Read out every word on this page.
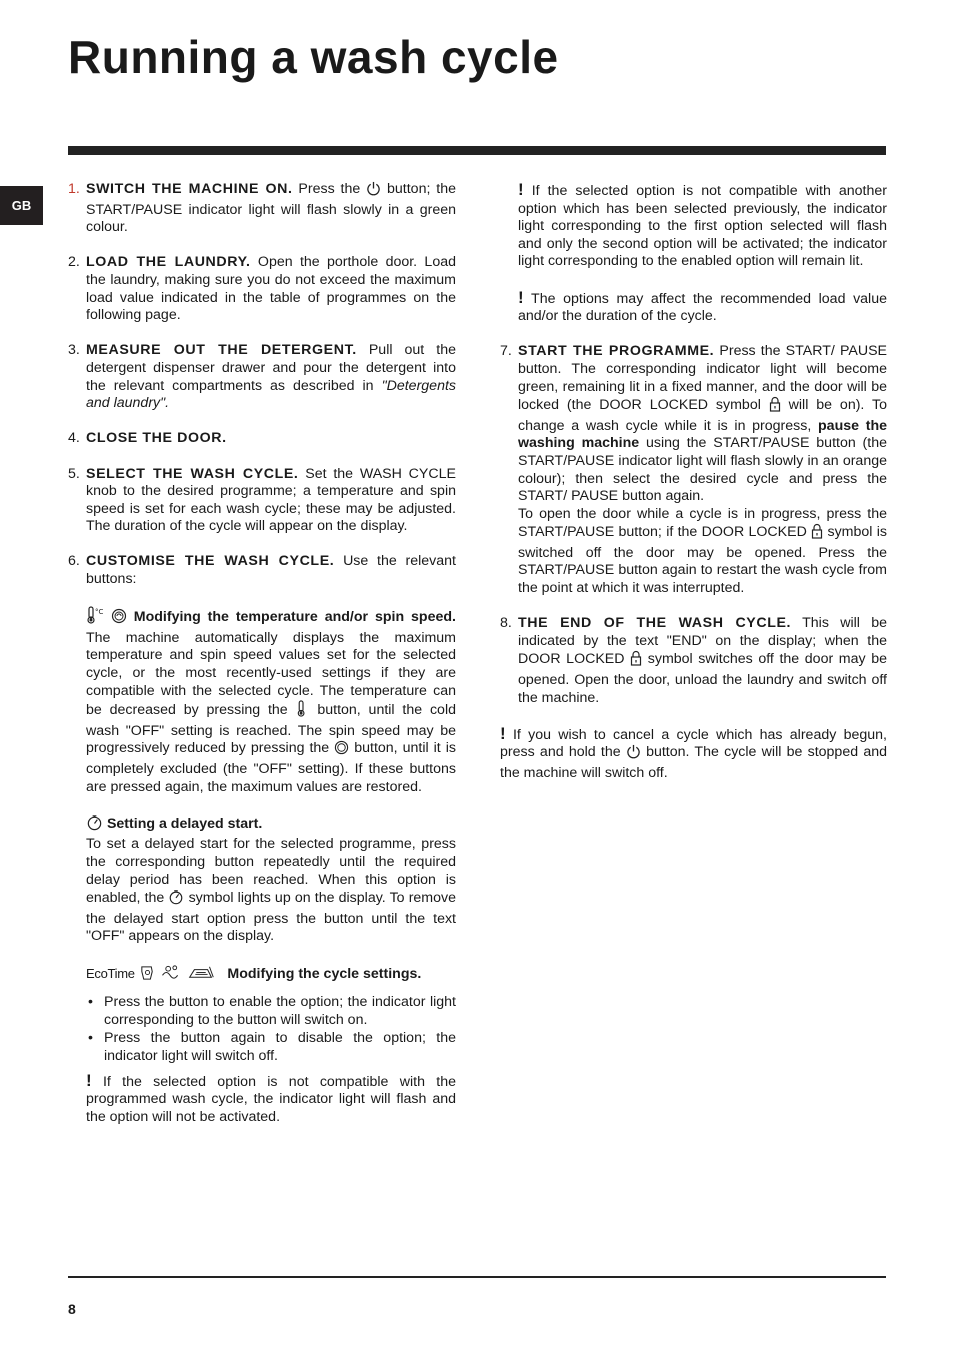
Running a wash cycle
GB

1. SWITCH THE MACHINE ON. Press the  button; the START/PAUSE indicator light will flash slowly in a green colour.

2. LOAD THE LAUNDRY. Open the porthole door. Load the laundry, making sure you do not exceed the maximum load value indicated in the table of programmes on the following page.

3. MEASURE OUT THE DETERGENT. Pull out the detergent dispenser drawer and pour the detergent into the relevant compartments as described in "Detergents and laundry".

4. CLOSE THE DOOR.

5. SELECT THE WASH CYCLE. Set the WASH CYCLE knob to the desired programme; a temperature and spin speed is set for each wash cycle; these may be adjusted. The duration of the cycle will appear on the display.

6. CUSTOMISE THE WASH CYCLE. Use the relevant buttons:

°C Modifying the temperature and/or spin speed. The machine automatically displays the maximum temperature and spin speed values set for the selected cycle, or the most recently-used settings if they are compatible with the selected cycle. The temperature can be decreased by pressing the  button, until the cold wash "OFF" setting is reached. The spin speed may be progressively reduced by pressing the  button, until it is completely excluded (the "OFF" setting). If these buttons are pressed again, the maximum values are restored.

Setting a delayed start.
To set a delayed start for the selected programme, press the corresponding button repeatedly until the required delay period has been reached. When this option is enabled, the  symbol lights up on the display. To remove the delayed start option press the button until the text "OFF" appears on the display.

EcoTime	Modifying the cycle settings.

• Press the button to enable the option; the indicator light corresponding to the button will switch on.
• Press the button again to disable the option; the indicator light will switch off.

! If the selected option is not compatible with the programmed wash cycle, the indicator light will flash and the option will not be activated.

! If the selected option is not compatible with another option which has been selected previously, the indicator light corresponding to the first option selected will flash and only the second option will be activated; the indicator light corresponding to the enabled option will remain lit.

! The options may affect the recommended load value and/or the duration of the cycle.

7. START THE PROGRAMME. Press the START/ PAUSE button. The corresponding indicator light will become green, remaining lit in a fixed manner, and the door will be locked (the DOOR LOCKED symbol  will be on). To change a wash cycle while it is in progress, pause the washing machine using the START/PAUSE button (the START/PAUSE indicator light will flash slowly in an orange colour); then select the desired cycle and press the START/ PAUSE button again.
To open the door while a cycle is in progress, press the START/PAUSE button; if the DOOR LOCKED  symbol is switched off the door may be opened. Press the START/PAUSE button again to restart the wash cycle from the point at which it was interrupted.

8. THE END OF THE WASH CYCLE. This will be indicated by the text "END" on the display; when the DOOR LOCKED  symbol switches off the door may be opened. Open the door, unload the laundry and switch off the machine.

! If you wish to cancel a cycle which has already begun, press and hold the  button. The cycle will be stopped and the machine will switch off.

8
